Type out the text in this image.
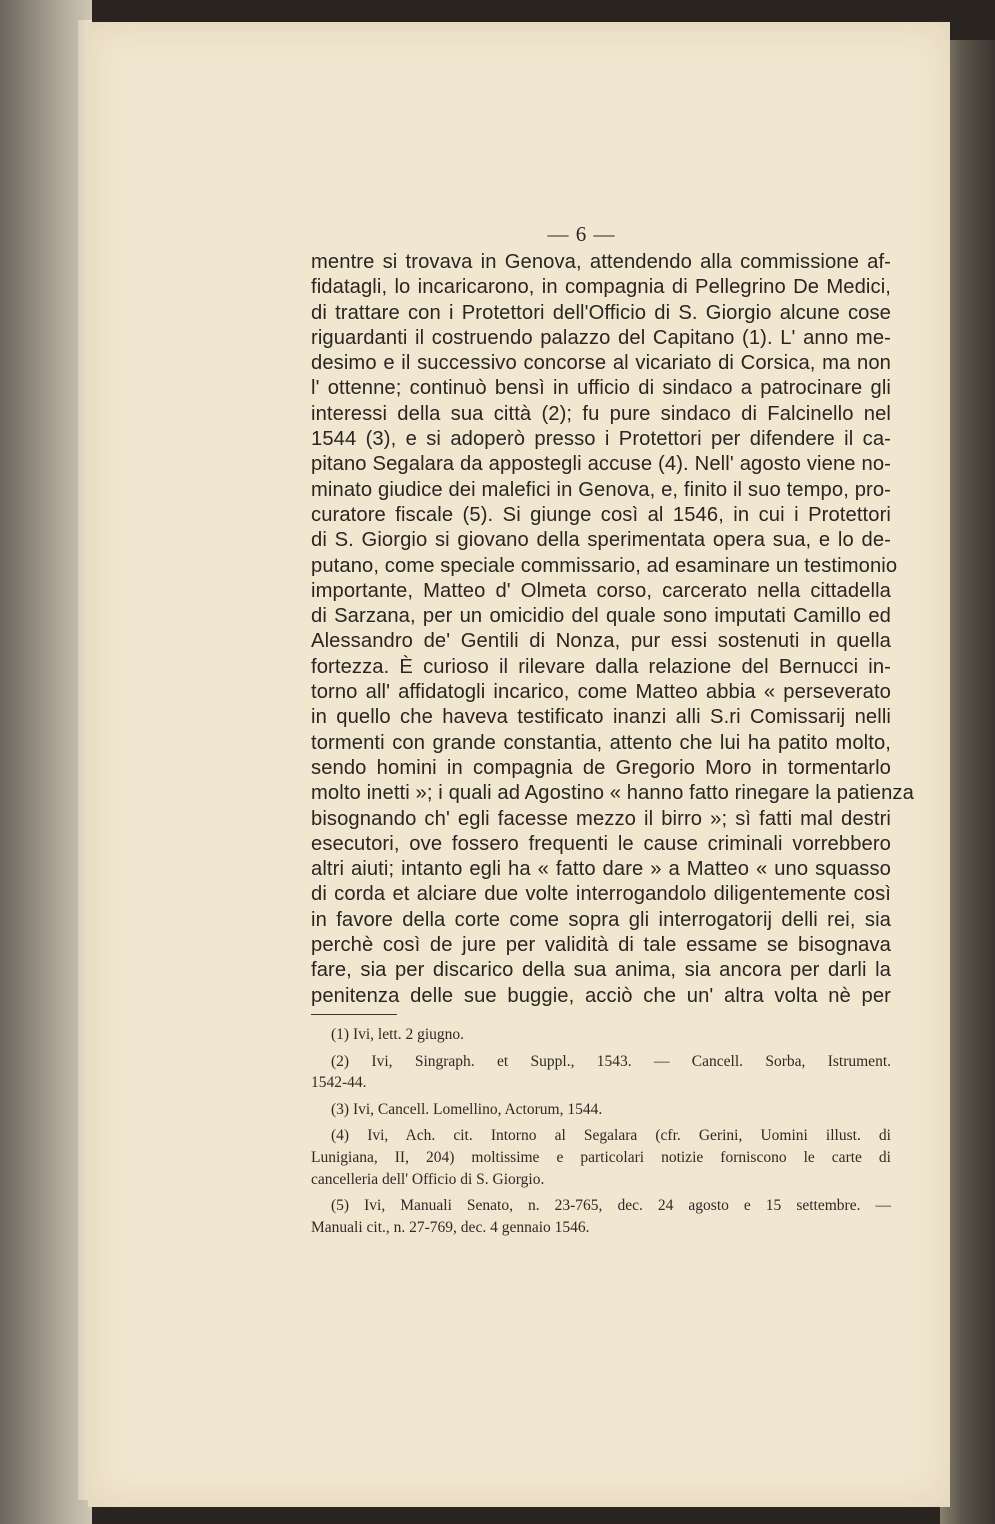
— 6 —
mentre si trovava in Genova, attendendo alla commissione af-
fidatagli, lo incaricarono, in compagnia di Pellegrino De Medici,
di trattare con i Protettori dell'Officio di S. Giorgio alcune cose
riguardanti il costruendo palazzo del Capitano (1). L' anno me-
desimo e il successivo concorse al vicariato di Corsica, ma non
l' ottenne; continuò bensì in ufficio di sindaco a patrocinare gli
interessi della sua città (2); fu pure sindaco di Falcinello nel
1544 (3), e si adoperò presso i Protettori per difendere il ca-
pitano Segalara da appostegli accuse (4). Nell' agosto viene no-
minato giudice dei malefici in Genova, e, finito il suo tempo, pro-
curatore fiscale (5). Si giunge così al 1546, in cui i Protettori
di S. Giorgio si giovano della sperimentata opera sua, e lo de-
putano, come speciale commissario, ad esaminare un testimonio
importante, Matteo d' Olmeta corso, carcerato nella cittadella
di Sarzana, per un omicidio del quale sono imputati Camillo ed
Alessandro de' Gentili di Nonza, pur essi sostenuti in quella
fortezza. È curioso il rilevare dalla relazione del Bernucci in-
torno all' affidatogli incarico, come Matteo abbia « perseverato
in quello che haveva testificato inanzi alli S.ri Comissarij nelli
tormenti con grande constantia, attento che lui ha patito molto,
sendo homini in compagnia de Gregorio Moro in tormentarlo
molto inetti »; i quali ad Agostino « hanno fatto rinegare la patienza
bisognando ch' egli facesse mezzo il birro »; sì fatti mal destri
esecutori, ove fossero frequenti le cause criminali vorrebbero
altri aiuti; intanto egli ha « fatto dare » a Matteo « uno squasso
di corda et alciare due volte interrogandolo diligentemente così
in favore della corte come sopra gli interrogatorij delli rei, sia
perchè così de jure per validità di tale essame se bisognava
fare, sia per discarico della sua anima, sia ancora per darli la
penitenza delle sue buggie, acciò che un' altra volta nè per
(1) Ivi, lett. 2 giugno.
(2) Ivi, Singraph. et Suppl., 1543. — Cancell. Sorba, Istrument.
1542-44.
(3) Ivi, Cancell. Lomellino, Actorum, 1544.
(4) Ivi, Ach. cit. Intorno al Segalara (cfr. Gerini, Uomini illust. di
Lunigiana, II, 204) moltissime e particolari notizie forniscono le carte di
cancelleria dell' Officio di S. Giorgio.
(5) Ivi, Manuali Senato, n. 23-765, dec. 24 agosto e 15 settembre. —
Manuali cit., n. 27-769, dec. 4 gennaio 1546.
